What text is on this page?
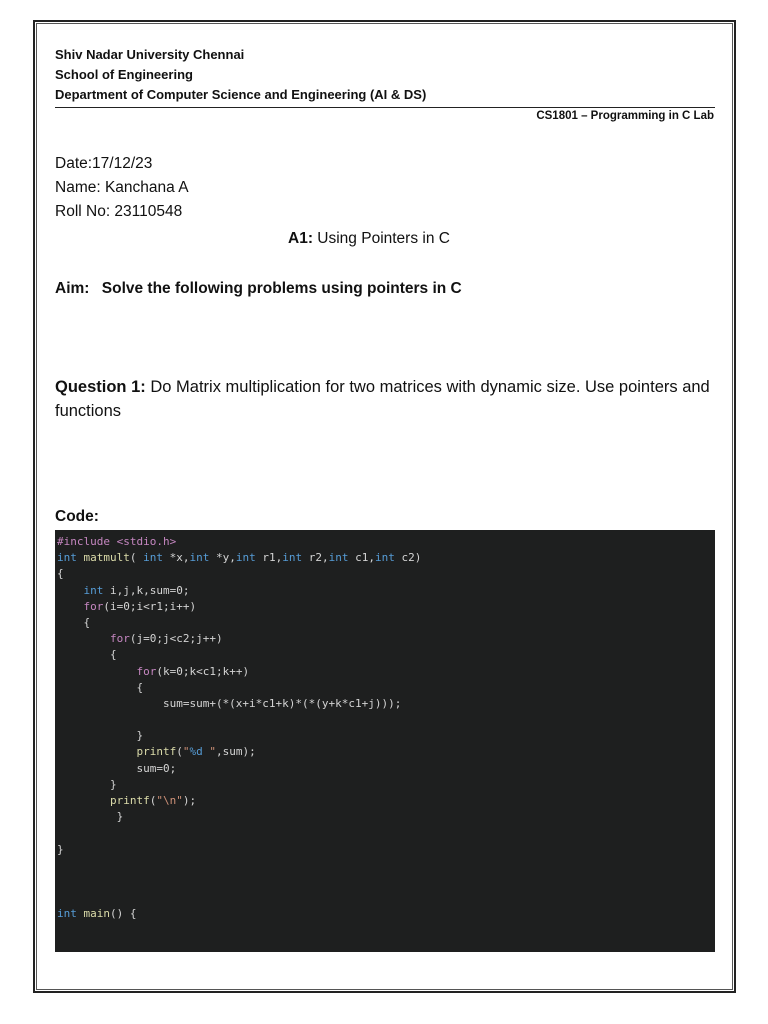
Shiv Nadar University Chennai
School of Engineering
Department of Computer Science and Engineering (AI & DS)
CS1801 – Programming in C Lab
Date:17/12/23
Name: Kanchana A
Roll No: 23110548
A1: Using Pointers in C
Aim: Solve the following problems using pointers in C
Question 1: Do Matrix multiplication for two matrices with dynamic size. Use pointers and functions
Code:
#include <stdio.h>
int matmult( int *x,int *y,int r1,int r2,int c1,int c2)
{
int i,j,k,sum=0;
for(i=0;i<r1;i++)
{
for(j=0;j<c2;j++)
{
for(k=0;k<c1;k++)
{
sum=sum+(*(x+i*c1+k)*(*(y+k*c1+j)));

}
printf("%d ",sum);
sum=0;
}
printf("\n");
}

}

int main() {
